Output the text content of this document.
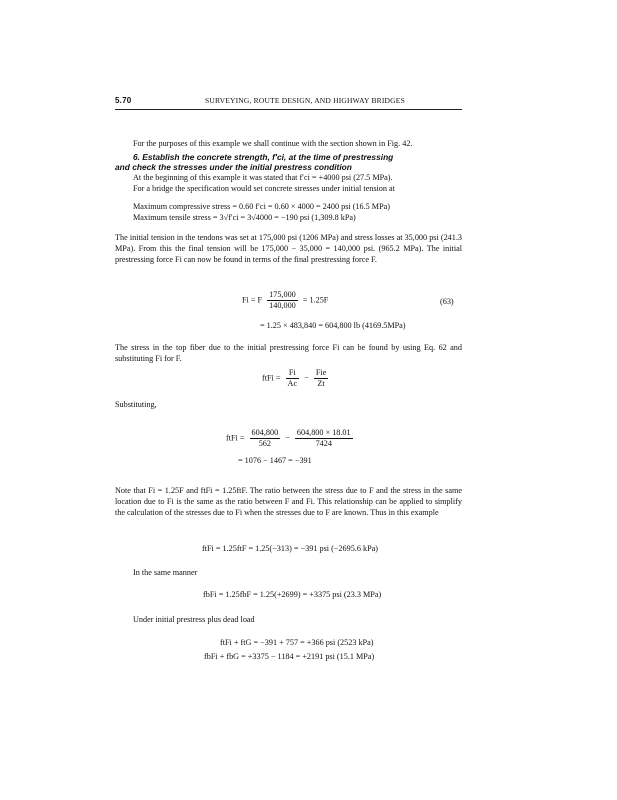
5.70	SURVEYING, ROUTE DESIGN, AND HIGHWAY BRIDGES
For the purposes of this example we shall continue with the section shown in Fig. 42.
6. Establish the concrete strength, f′ci, at the time of prestressing
and check the stresses under the initial prestress condition
At the beginning of this example it was stated that f′ci = +4000 psi (27.5 MPa).
For a bridge the specification would set concrete stresses under initial tension at
Maximum compressive stress = 0.60 f′ci = 0.60 × 4000 = 2400 psi (16.5 MPa)
Maximum tensile stress = 3√f′ci = 3√4000 = −190 psi (1,309.8 kPa)
The initial tension in the tendons was set at 175,000 psi (1206 MPa) and stress losses at 35,000 psi (241.3 MPa). From this the final tension will be 175,000 − 35,000 = 140,000 psi. (965.2 MPa). The initial prestressing force Fi can now be found in terms of the final prestressing force F.
Fi = F $\frac{175,000}{140,000} = 1.25F$	(63)
= 1.25 × 483,840 = 604,800 lb (4169.5MPa)
The stress in the top fiber due to the initial prestressing force Fi can be found by using Eq. 62 and substituting Fi for F.
ftFi = $\frac{Fi}{Ac} - \frac{\text{Fie}}{Zt}$
Substituting,
ftFi = $\frac{604,800}{562} - \frac{604,800 \times 18.01}{7424}$
= 1076 − 1467 = −391
Note that Fi = 1.25F and ftFi = 1.25ftF. The ratio between the stress due to F and the stress in the same location due to Fi is the same as the ratio between F and Fi. This relationship can be applied to simplify the calculation of the stresses due to Fi when the stresses due to F are known. Thus in this example
ftFi = 1.25ftF = 1.25(−313) = −391 psi (−2695.6 kPa)
In the same manner
fbFi = 1.25fbF = 1.25(+2699) = +3375 psi (23.3 MPa)
Under initial prestress plus dead load
ftFi + ftG = −391 + 757 = +366 psi (2523 kPa)
fbFi + fbG = +3375 − 1184 = +2191 psi (15.1 MPa)
